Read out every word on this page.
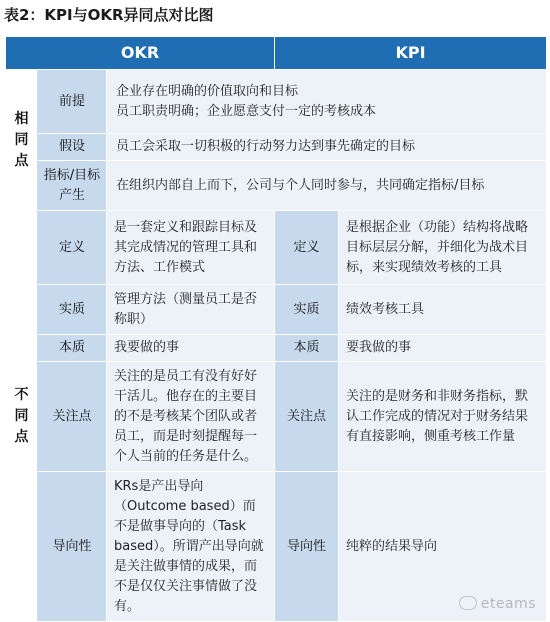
表2：KPI与OKR异同点对比图
OKR			KPI	
相同点	前提	企业存在明确的价值取向和目标
员工职责明确；企业愿意支付一定的考核成本		

	假设	员工会采取一切积极的行动努力达到事先确定的目标		

	指标/目标产生	在组织内部自上而下，公司与个人同时参与，共同确定指标/目标		

不同点	定义	是一套定义和跟踪目标及其完成情况的管理工具和方法、工作模式	定义	是根据企业（功能）结构将战略目标层层分解，并细化为战术目标，来实现绩效考核的工具
	实质	管理方法（测量员工是否称职）	实质	绩效考核工具
	本质	我要做的事	本质	要我做的事
	关注点	关注的是员工有没有好好干活儿。他存在的主要目的不是考核某个团队或者员工，而是时刻提醒每一个人当前的任务是什么。	关注点	关注的是财务和非财务指标，默认工作完成的情况对于财务结果有直接影响，侧重考核工作量
	导向性	KRs是产出导向（Outcome based）而不是做事导向的（Task based）。所谓产出导向就是关注做事情的成果，而不是仅仅关注事情做了没有。	导向性	纯粹的结果导向
eteams
